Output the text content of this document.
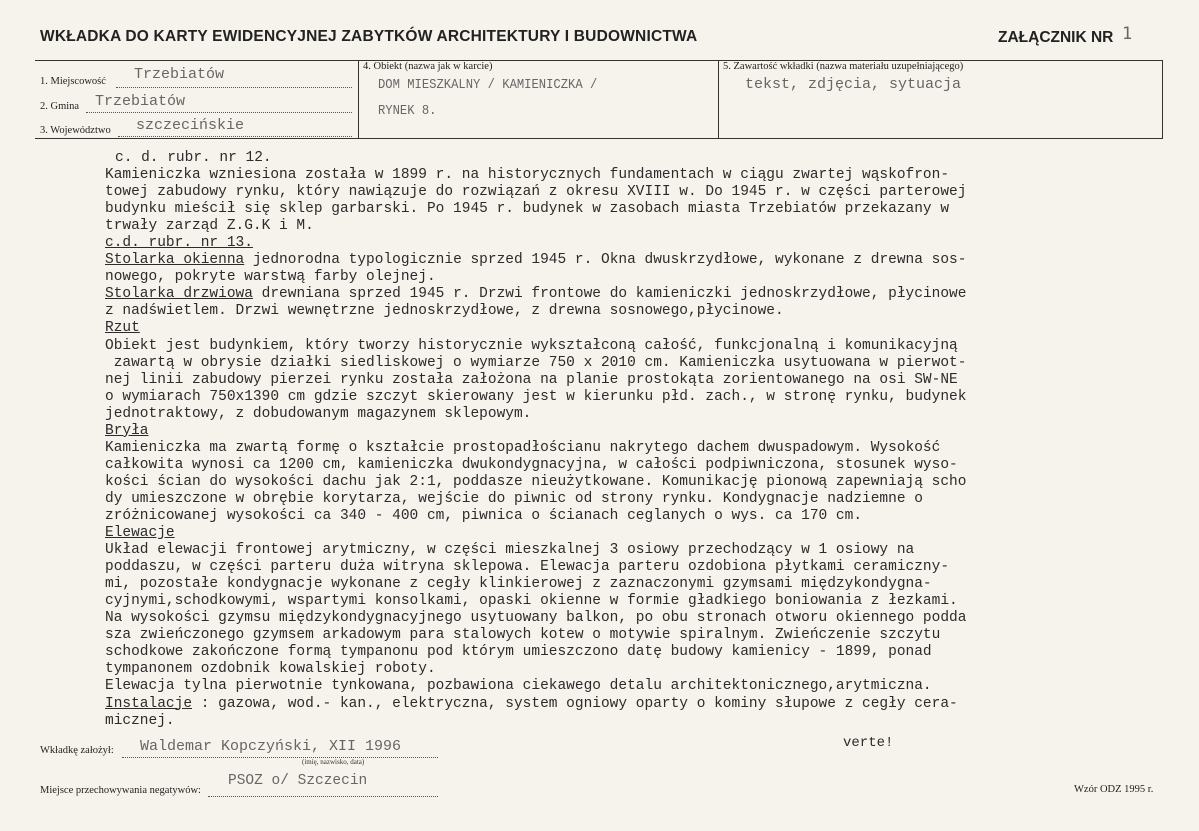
WKŁADKA DO KARTY EWIDENCYJNEJ ZABYTKÓW ARCHITEKTURY I BUDOWNICTWA	ZAŁĄCZNIK NR 1
1. Miejscowość Trzebiatów
2. Gmina Trzebiatów
3. Województwo szczecińskie
4. Obiekt (nazwa jak w karcie)
DOM MIESZKALNY / KAMIENICZKA /
RYNEK 8.
5. Zawartość wkładki (nazwa materiału uzupełniającego)
tekst, zdjęcia, sytuacja
c. d. rubr. nr 12.
Kamieniczka wzniesiona została w 1899 r. na historycznych fundamentach w ciągu zwartej wąskofron-
towej zabudowy rynku, który nawiązuje do rozwiązań z okresu XVIII w. Do 1945 r. w części parterowej
budynku mieścił się sklep garbarski. Po 1945 r. budynek w zasobach miasta Trzebiatów przekazany w
trwały zarząd Z.G.K i M.
c.d. rubr. nr 13.
Stolarka okienna jednorodna typologicznie sprzed 1945 r. Okna dwuskrzydłowe, wykonane z drewna sos-
nowego, pokryte warstwą farby olejnej.
Stolarka drzwiowa drewniana sprzed 1945 r. Drzwi frontowe do kamieniczki jednoskrzydłowe, płycinowe
z nadświetlem. Drzwi wewnętrzne jednoskrzydłowe, z drewna sosnowego,płycinowe.
Rzut
Obiekt jest budynkiem, który tworzy historycznie wykształconą całość, funkcjonalną i komunikacyjną
zawartą w obrysie działki siedliskowej o wymiarze 750 x 2010 cm. Kamieniczka usytuowana w pierwot-
nej linii zabudowy pierzei rynku została założona na planie prostokąta zorientowanego na osi SW-NE
o wymiarach 750x1390 cm gdzie szczyt skierowany jest w kierunku płd. zach., w stronę rynku, budynek
jednotraktowy, z dobudowanym magazynem sklepowym.
Bryła
Kamieniczka ma zwartą formę o kształcie prostopadłościanu nakrytego dachem dwuspadowym. Wysokość
całkowita wynosi ca 1200 cm, kamieniczka dwukondygnacyjna, w całości podpiwniczona, stosunek wyso-
kości ścian do wysokości dachu jak 2:1, poddasze nieużytkowane. Komunikację pionową zapewniają scho
dy umieszczone w obrębie korytarza, wejście do piwnic od strony rynku. Kondygnacje nadziemne o
zróżnicowanej wysokości ca 340 - 400 cm, piwnica o ścianach ceglanych o wys. ca 170 cm.
Elewacje
Układ elewacji frontowej arytmiczny, w części mieszkalnej 3 osiowy przechodzący w 1 osiowy na
poddaszu, w części parteru duża witryna sklepowa. Elewacja parteru ozdobiona płytkami ceramiczny-
mi, pozostałe kondygnacje wykonane z cegły klinkierowej z zaznaczonymi gzymsami międzykondygna-
cyjnymi,schodkowymi, wspartymi konsolkami, opaski okienne w formie gładkiego boniowania z łezkami.
Na wysokości gzymsu międzykondygnacyjnego usytuowany balkon, po obu stronach otworu okiennego podda
sza zwieńczonego gzymsem arkadowym para stalowych kotew o motywie spiralnym. Zwieńczenie szczytu
schodkowe zakończone formą tympanonu pod którym umieszczono datę budowy kamienicy - 1899, ponad
tympanonem ozdobnik kowalskiej roboty.
Elewacja tylna pierwotnie tynkowana, pozbawiona ciekawego detalu architektonicznego,arytmiczna.
Instalacje : gazowa, wod.- kan., elektryczna, system ogniowy oparty o kominy słupowe z cegły cera-
micznej.
verte!
Wkładkę założył: Waldemar Kopczyński, XII 1996
(imię, nazwisko, data)
Miejsce przechowywania negatywów:
PSOZ o/ Szczecin
Wzór ODZ 1995 r.
